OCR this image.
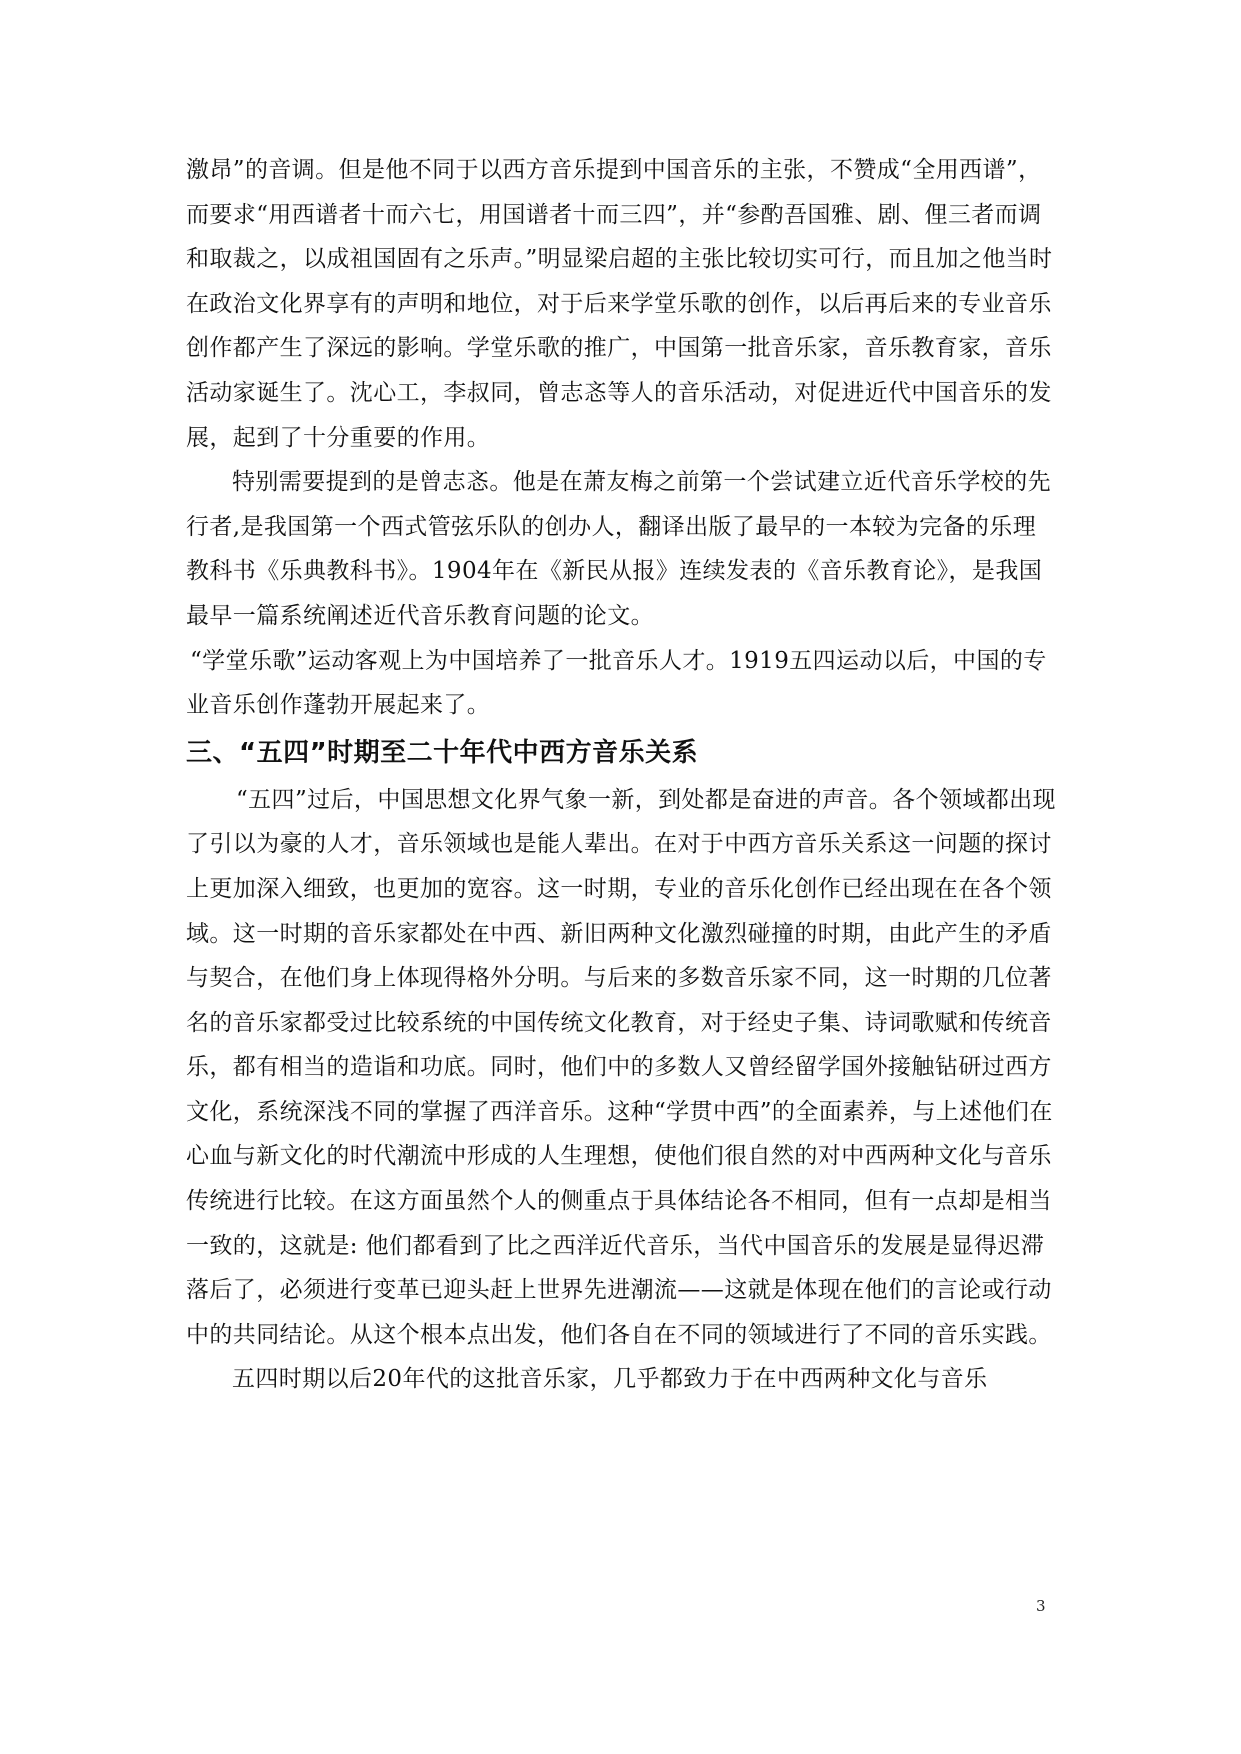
激昂”的音调。但是他不同于以西方音乐提到中国音乐的主张，不赞成“全用西谱”，而要求“用西谱者十而六七，用国谱者十而三四”，并“参酌吾国雅、剧、俚三者而调和取裁之，以成祖国固有之乐声。”明显梁启超的主张比较切实可行，而且加之他当时在政治文化界享有的声明和地位，对于后来学堂乐歌的创作，以后再后来的专业音乐创作都产生了深远的影响。学堂乐歌的推广，中国第一批音乐家，音乐教育家，音乐活动家诞生了。沈心工，李叔同，曾志忞等人的音乐活动，对促进近代中国音乐的发展，起到了十分重要的作用。

特别需要提到的是曾志忞。他是在萧友梅之前第一个尝试建立近代音乐学校的先行者,是我国第一个西式管弦乐队的创办人，翻译出版了最早的一本较为完备的乐理教科书《乐典教科书》。1904年在《新民从报》连续发表的《音乐教育论》，是我国最早一篇系统阐述近代音乐教育问题的论文。

“学堂乐歌”运动客观上为中国培养了一批音乐人才。1919五四运动以后，中国的专业音乐创作蓬勃开展起来了。

三、“五四”时期至二十年代中西方音乐关系

“五四”过后，中国思想文化界气象一新，到处都是奋进的声音。各个领域都出现了引以为豪的人才，音乐领域也是能人辈出。在对于中西方音乐关系这一问题的探讨上更加深入细致，也更加的宽容。这一时期，专业的音乐化创作已经出现在在各个领域。这一时期的音乐家都处在中西、新旧两种文化激烈碰撞的时期，由此产生的矛盾与契合，在他们身上体现得格外分明。与后来的多数音乐家不同，这一时期的几位著名的音乐家都受过比较系统的中国传统文化教育，对于经史子集、诗词歌赋和传统音乐，都有相当的造诣和功底。同时，他们中的多数人又曾经留学国外接触钻研过西方文化，系统深浅不同的掌握了西洋音乐。这种“学贯中西”的全面素养，与上述他们在心血与新文化的时代潮流中形成的人生理想，使他们很自然的对中西两种文化与音乐传统进行比较。在这方面虽然个人的侧重点于具体结论各不相同，但有一点却是相当一致的，这就是: 他们都看到了比之西洋近代音乐，当代中国音乐的发展是显得迟滞落后了，必须进行变革已迎头赶上世界先进潮流——这就是体现在他们的言论或行动中的共同结论。从这个根本点出发，他们各自在不同的领域进行了不同的音乐实践。

五四时期以后20年代的这批音乐家，几乎都致力于在中西两种文化与音乐

3
